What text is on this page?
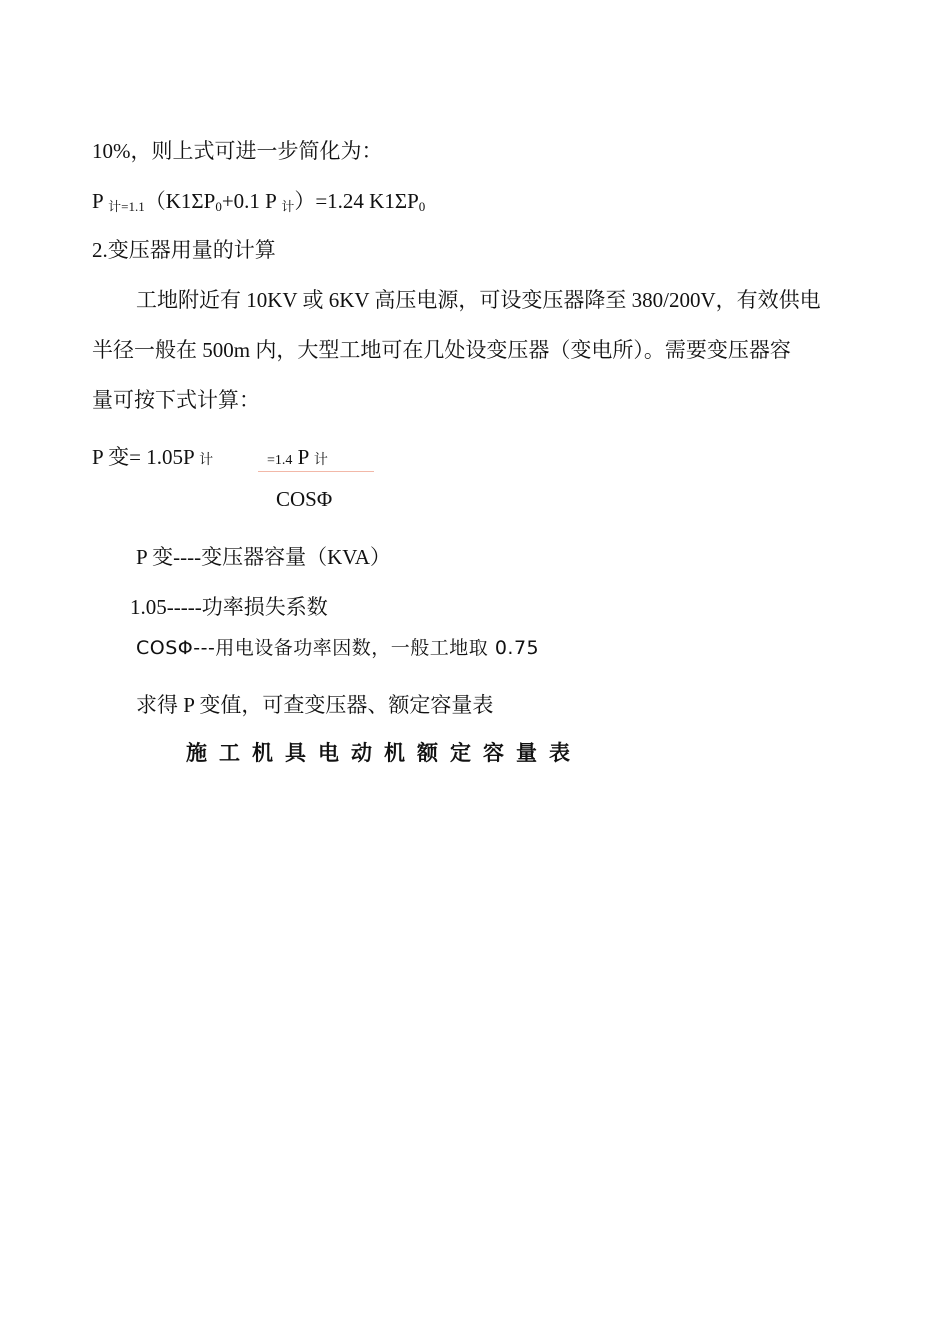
10%，则上式可进一步简化为：
P $_{计=1.1}(K1\Sigma P_0+0.1$ P $_计$）=1.24 $K1\Sigma P_0$
2.变压器用量的计算
工地附近有 10KV 或 6KV 高压电源，可设变压器降至 380/200V，有效供电
半径一般在 500m 内，大型工地可在几处设变压器（变电所）。需要变压器容
量可按下式计算：
P 变= 1.05P 计	=1.4 P 计
COSΦ
P 变----变压器容量（KVA）
1.05-----功率损失系数
COSΦ---用电设备功率因数，一般工地取 0.75
求得 P 变值，可查变压器、额定容量表
施工机具电动机额定容量表
